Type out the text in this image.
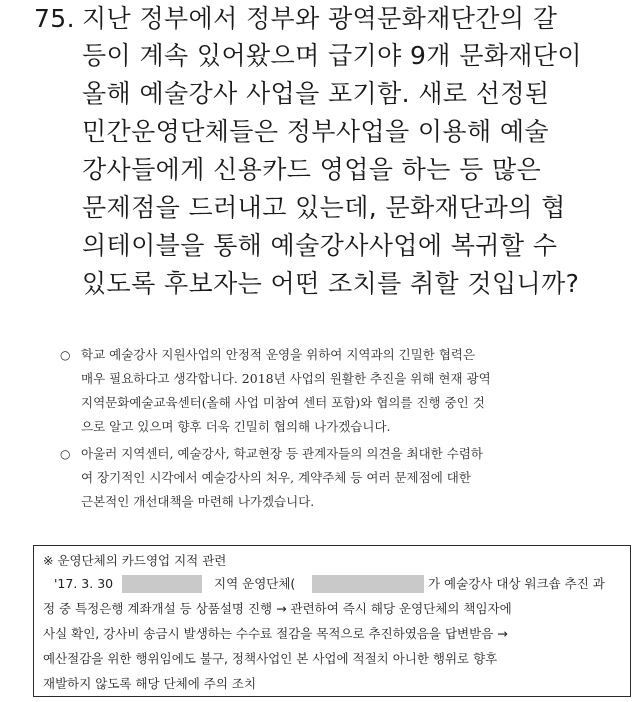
75. 지난 정부에서 정부와 광역문화재단간의 갈
등이 계속 있어왔으며 급기야 9개 문화재단이
올해 예술강사 사업을 포기함. 새로 선정된
민간운영단체들은 정부사업을 이용해 예술
강사들에게 신용카드 영업을 하는 등 많은
문제점을 드러내고 있는데, 문화재단과의 협
의테이블을 통해 예술강사사업에 복귀할 수
있도록 후보자는 어떤 조치를 취할 것입니까?
○ 학교 예술강사 지원사업의 안정적 운영을 위하여 지역과의 긴밀한 협력은
매우 필요하다고 생각합니다. 2018년 사업의 원활한 추진을 위해 현재 광역
지역문화예술교육센터(올해 사업 미참여 센터 포함)와 협의를 진행 중인 것
으로 알고 있으며 향후 더욱 긴밀히 협의해 나가겠습니다.
○ 아울러 지역센터, 예술강사, 학교현장 등 관계자들의 의견을 최대한 수렴하
여 장기적인 시각에서 예술강사의 처우, 계약주체 등 여러 문제점에 대한
근본적인 개선대책을 마련해 나가겠습니다.
※ 운영단체의 카드영업 지적 관련
'17. 3. 30	지역 운영단체(	가 예술강사 대상 워크숍 추진 과
정 중 특정은행 계좌개설 등 상품설명 진행 → 관련하여 즉시 해당 운영단체의 책임자에
사실 확인, 강사비 송금시 발생하는 수수료 절감을 목적으로 추진하였음을 답변받음 →
예산절감을 위한 행위임에도 불구, 정책사업인 본 사업에 적절치 아니한 행위로 향후
재발하지 않도록 해당 단체에 주의 조치
